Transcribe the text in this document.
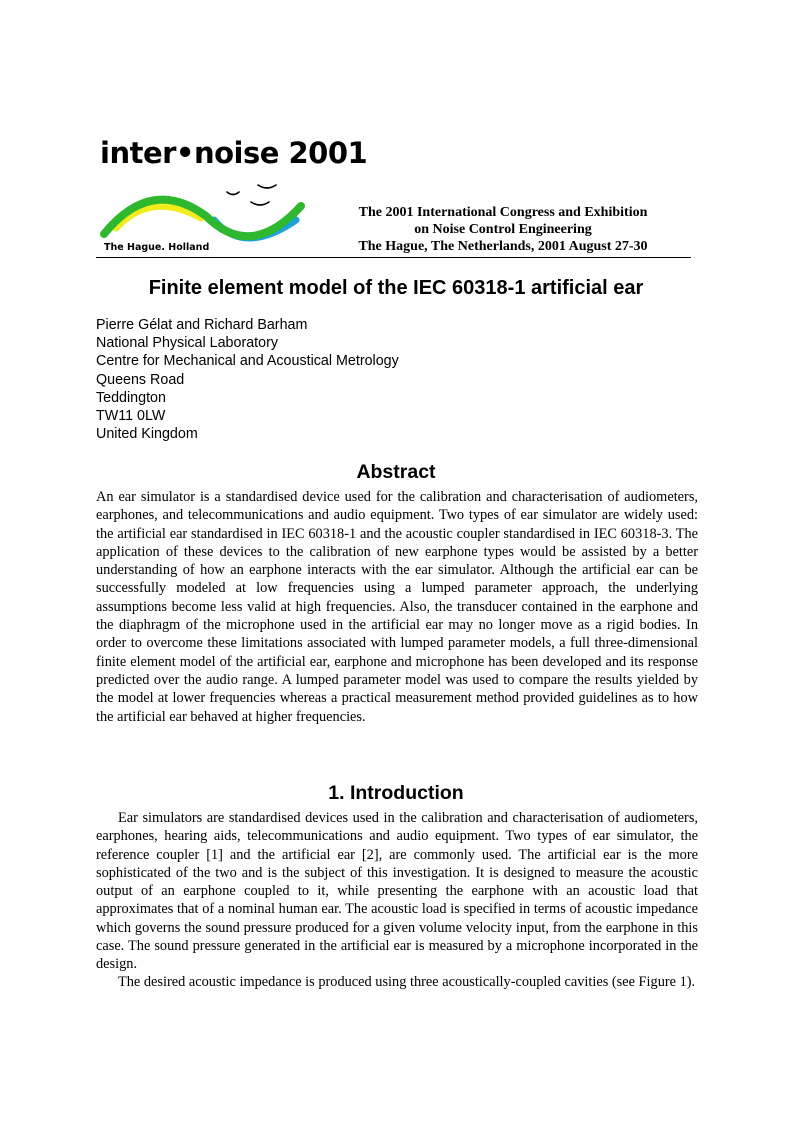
inter•noise 2001
The Hague. Holland
The 2001 International Congress and Exhibition
on Noise Control Engineering
The Hague, The Netherlands, 2001 August 27-30
Finite element model of the IEC 60318-1 artificial ear
Pierre Gélat and Richard Barham
National Physical Laboratory
Centre for Mechanical and Acoustical Metrology
Queens Road
Teddington
TW11 0LW
United Kingdom
Abstract

An ear simulator is a standardised device used for the calibration and characterisation of audiometers, earphones, and telecommunications and audio equipment. Two types of ear simulator are widely used: the artificial ear standardised in IEC 60318-1 and the acoustic coupler standardised in IEC 60318-3. The application of these devices to the calibration of new earphone types would be assisted by a better understanding of how an earphone interacts with the ear simulator. Although the artificial ear can be successfully modeled at low frequencies using a lumped parameter approach, the underlying assumptions become less valid at high frequencies. Also, the transducer contained in the earphone and the diaphragm of the microphone used in the artificial ear may no longer move as a rigid bodies. In order to overcome these limitations associated with lumped parameter models, a full three-dimensional finite element model of the artificial ear, earphone and microphone has been developed and its response predicted over the audio range. A lumped parameter model was used to compare the results yielded by the model at lower frequencies whereas a practical measurement method provided guidelines as to how the artificial ear behaved at higher frequencies.

1. Introduction

Ear simulators are standardised devices used in the calibration and characterisation of audiometers, earphones, hearing aids, telecommunications and audio equipment. Two types of ear simulator, the reference coupler [1] and the artificial ear [2], are commonly used. The artificial ear is the more sophisticated of the two and is the subject of this investigation. It is designed to measure the acoustic output of an earphone coupled to it, while presenting the earphone with an acoustic load that approximates that of a nominal human ear. The acoustic load is specified in terms of acoustic impedance which governs the sound pressure produced for a given volume velocity input, from the earphone in this case. The sound pressure generated in the artificial ear is measured by a microphone incorporated in the design.

The desired acoustic impedance is produced using three acoustically-coupled cavities (see Figure 1).
